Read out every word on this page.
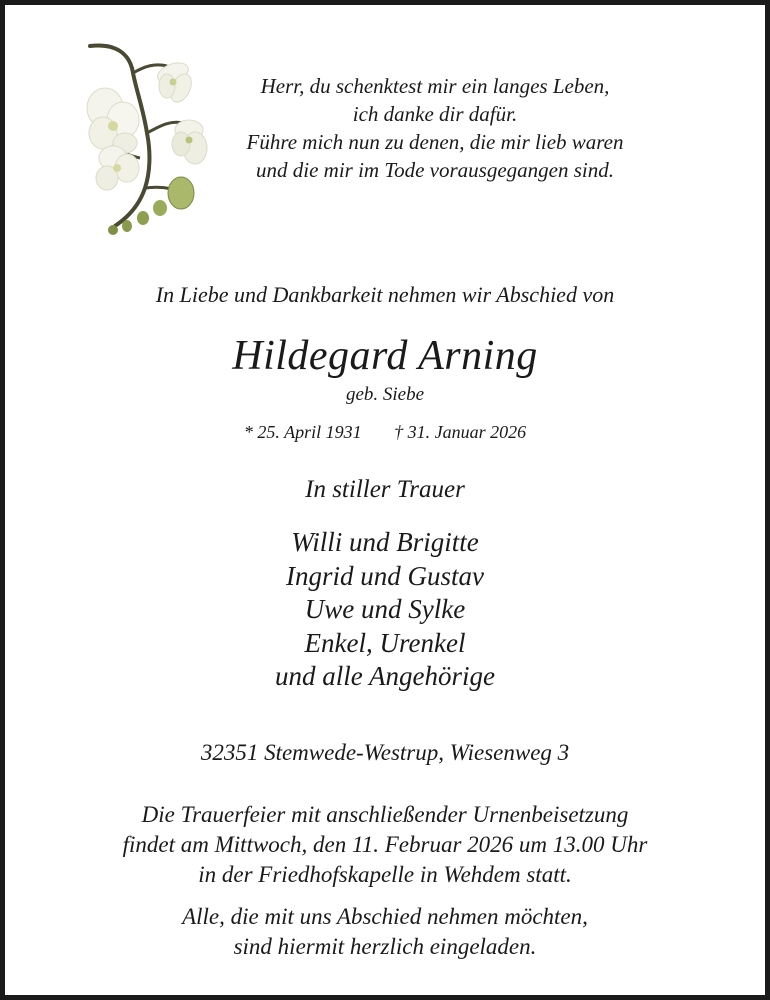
Herr, du schenktest mir ein langes Leben,
ich danke dir dafür.
Führe mich nun zu denen, die mir lieb waren
und die mir im Tode vorausgegangen sind.
In Liebe und Dankbarkeit nehmen wir Abschied von
Hildegard Arning
geb. Siebe
* 25. April 1931 † 31. Januar 2026
In stiller Trauer
Willi und Brigitte
Ingrid und Gustav
Uwe und Sylke
Enkel, Urenkel
und alle Angehörige
32351 Stemwede-Westrup, Wiesenweg 3
Die Trauerfeier mit anschließender Urnenbeisetzung
findet am Mittwoch, den 11. Februar 2026 um 13.00 Uhr
in der Friedhofskapelle in Wehdem statt.
Alle, die mit uns Abschied nehmen möchten,
sind hiermit herzlich eingeladen.
